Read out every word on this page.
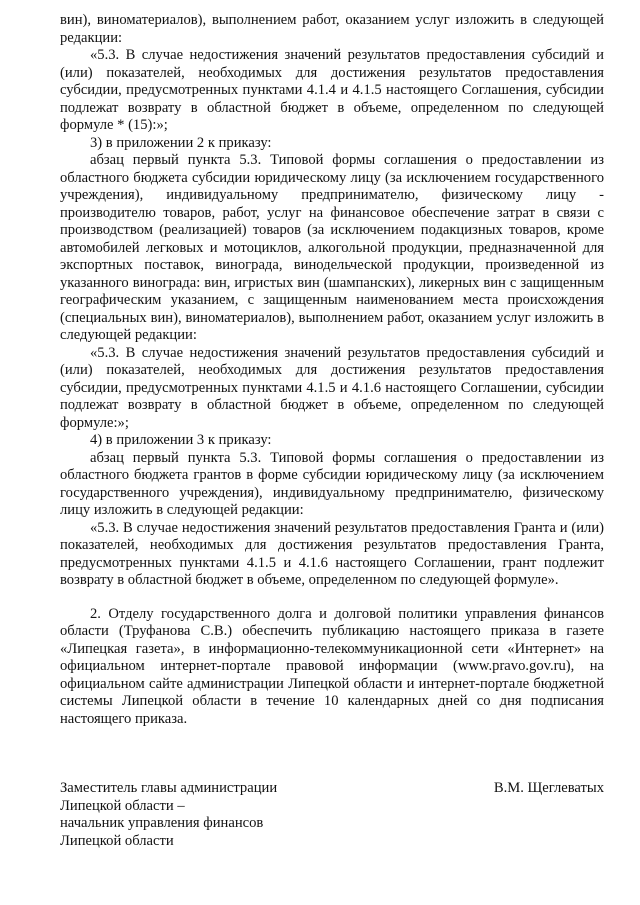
вин), виноматериалов), выполнением работ, оказанием услуг изложить в следующей редакции:

«5.3. В случае недостижения значений результатов предоставления субсидий и (или) показателей, необходимых для достижения результатов предоставления субсидии, предусмотренных пунктами 4.1.4 и 4.1.5 настоящего Соглашения, субсидии подлежат возврату в областной бюджет в объеме, определенном по следующей формуле * (15):»;

3) в приложении 2 к приказу:

абзац первый пункта 5.3. Типовой формы соглашения о предоставлении из областного бюджета субсидии юридическому лицу (за исключением государственного учреждения), индивидуальному предпринимателю, физическому лицу - производителю товаров, работ, услуг на финансовое обеспечение затрат в связи с производством (реализацией) товаров (за исключением подакцизных товаров, кроме автомобилей легковых и мотоциклов, алкогольной продукции, предназначенной для экспортных поставок, винограда, винодельческой продукции, произведенной из указанного винограда: вин, игристых вин (шампанских), ликерных вин с защищенным географическим указанием, с защищенным наименованием места происхождения (специальных вин), виноматериалов), выполнением работ, оказанием услуг изложить в следующей редакции:

«5.3. В случае недостижения значений результатов предоставления субсидий и (или) показателей, необходимых для достижения результатов предоставления субсидии, предусмотренных пунктами 4.1.5 и 4.1.6 настоящего Соглашении, субсидии подлежат возврату в областной бюджет в объеме, определенном по следующей формуле:»;

4) в приложении 3 к приказу:

абзац первый пункта 5.3. Типовой формы соглашения о предоставлении из областного бюджета грантов в форме субсидии юридическому лицу (за исключением государственного учреждения), индивидуальному предпринимателю, физическому лицу изложить в следующей редакции:

«5.3. В случае недостижения значений результатов предоставления Гранта и (или) показателей, необходимых для достижения результатов предоставления Гранта, предусмотренных пунктами 4.1.5 и 4.1.6 настоящего Соглашении, грант подлежит возврату в областной бюджет в объеме, определенном по следующей формуле».

2. Отделу государственного долга и долговой политики управления финансов области (Труфанова С.В.) обеспечить публикацию настоящего приказа в газете «Липецкая газета», в информационно-телекоммуникационной сети «Интернет» на официальном интернет-портале правовой информации (www.pravo.gov.ru), на официальном сайте администрации Липецкой области и интернет-портале бюджетной системы Липецкой области в течение 10 календарных дней со дня подписания настоящего приказа.

Заместитель главы администрации
Липецкой области –
начальник управления финансов
Липецкой области
В.М. Щеглеватых
